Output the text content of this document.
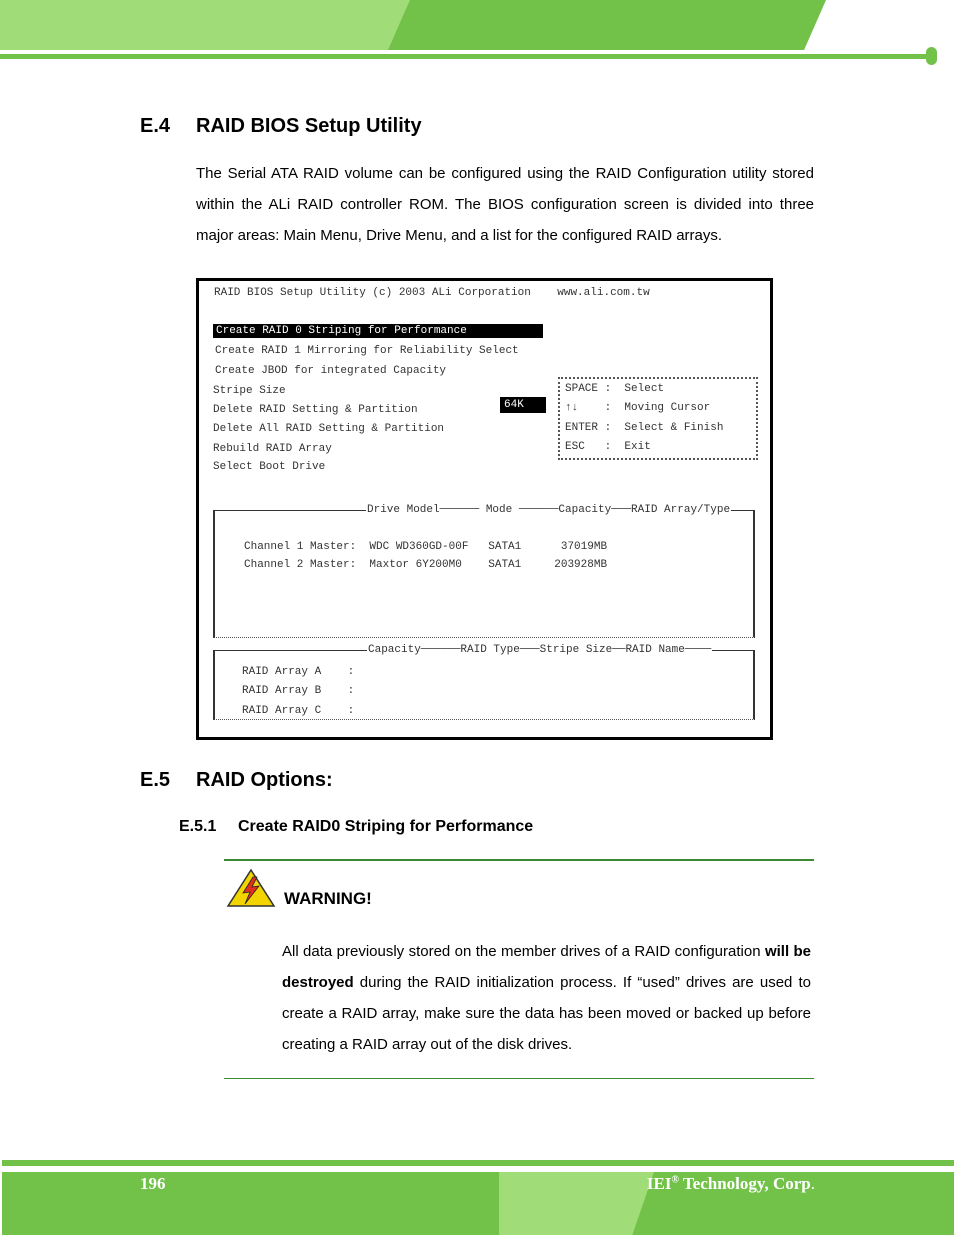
E.4 RAID BIOS Setup Utility

The Serial ATA RAID volume can be configured using the RAID Configuration utility stored within the ALi RAID controller ROM. The BIOS configuration screen is divided into three major areas: Main Menu, Drive Menu, and a list for the configured RAID arrays.

RAID BIOS Setup Utility (c) 2003 ALi Corporation    www.ali.com.tw
Create RAID 0 Striping for Performance
Create RAID 1 Mirroring for Reliability Select
Create JBOD for integrated Capacity
Stripe Size
Delete RAID Setting & Partition
Delete All RAID Setting & Partition
Rebuild RAID Array
Select Boot Drive
64K
SPACE :  Select
↑↓    :  Moving Cursor
ENTER :  Select & Finish
ESC   :  Exit
Drive Model────── Mode ──────Capacity───RAID Array/Type
Channel 1 Master:  WDC WD360GD-00F   SATA1      37019MB
Channel 2 Master:  Maxtor 6Y200M0    SATA1     203928MB
Capacity──────RAID Type───Stripe Size──RAID Name────
RAID Array A    :
RAID Array B    :
RAID Array C    :
E.5 RAID Options:
E.5.1 Create RAID0 Striping for Performance
WARNING!

All data previously stored on the member drives of a RAID configuration will be destroyed during the RAID initialization process. If “used” drives are used to create a RAID array, make sure the data has been moved or backed up before creating a RAID array out of the disk drives.

196	IEI® Technology, Corp.
